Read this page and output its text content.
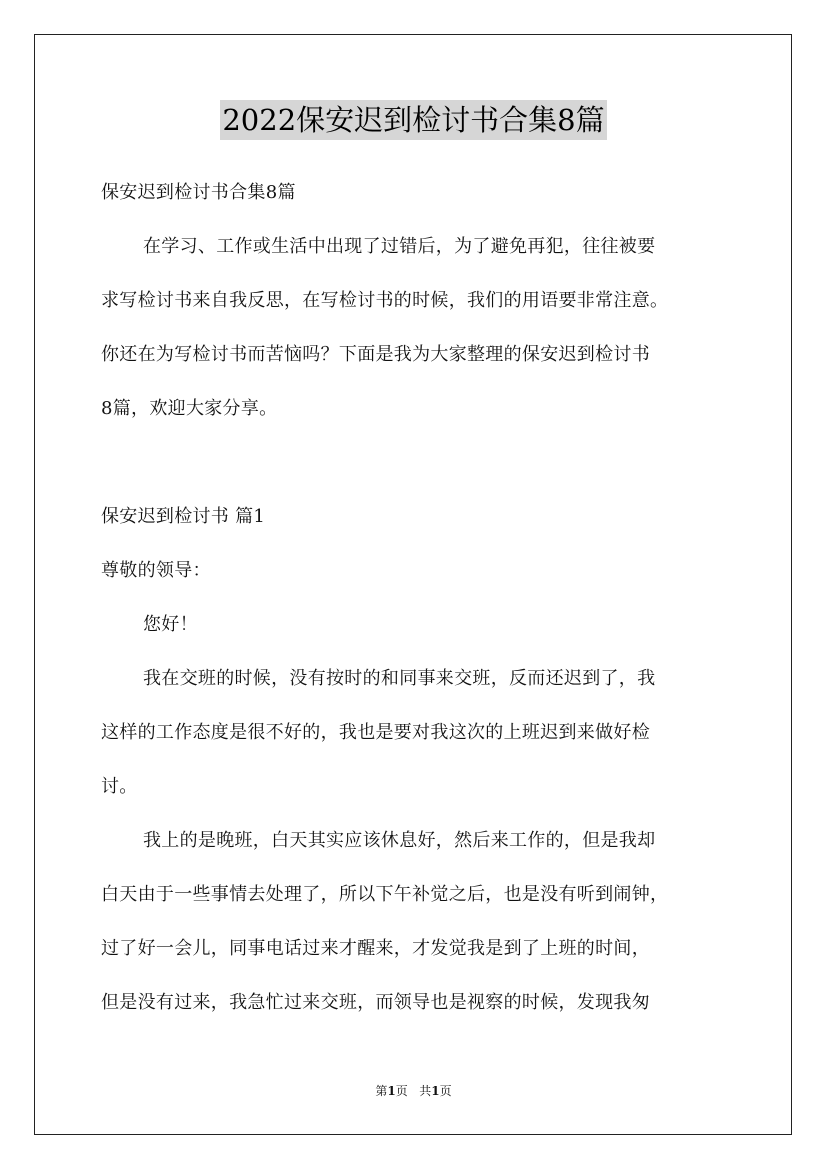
2022保安迟到检讨书合集8篇
保安迟到检讨书合集8篇
在学习、工作或生活中出现了过错后，为了避免再犯，往往被要
求写检讨书来自我反思，在写检讨书的时候，我们的用语要非常注意。
你还在为写检讨书而苦恼吗？下面是我为大家整理的保安迟到检讨书
8篇，欢迎大家分享。
保安迟到检讨书 篇1
尊敬的领导：
您好！
我在交班的时候，没有按时的和同事来交班，反而还迟到了，我
这样的工作态度是很不好的，我也是要对我这次的上班迟到来做好检
讨。
我上的是晚班，白天其实应该休息好，然后来工作的，但是我却
白天由于一些事情去处理了，所以下午补觉之后，也是没有听到闹钟，
过了好一会儿，同事电话过来才醒来，才发觉我是到了上班的时间，
但是没有过来，我急忙过来交班，而领导也是视察的时候，发现我匆
第1页 共1页
